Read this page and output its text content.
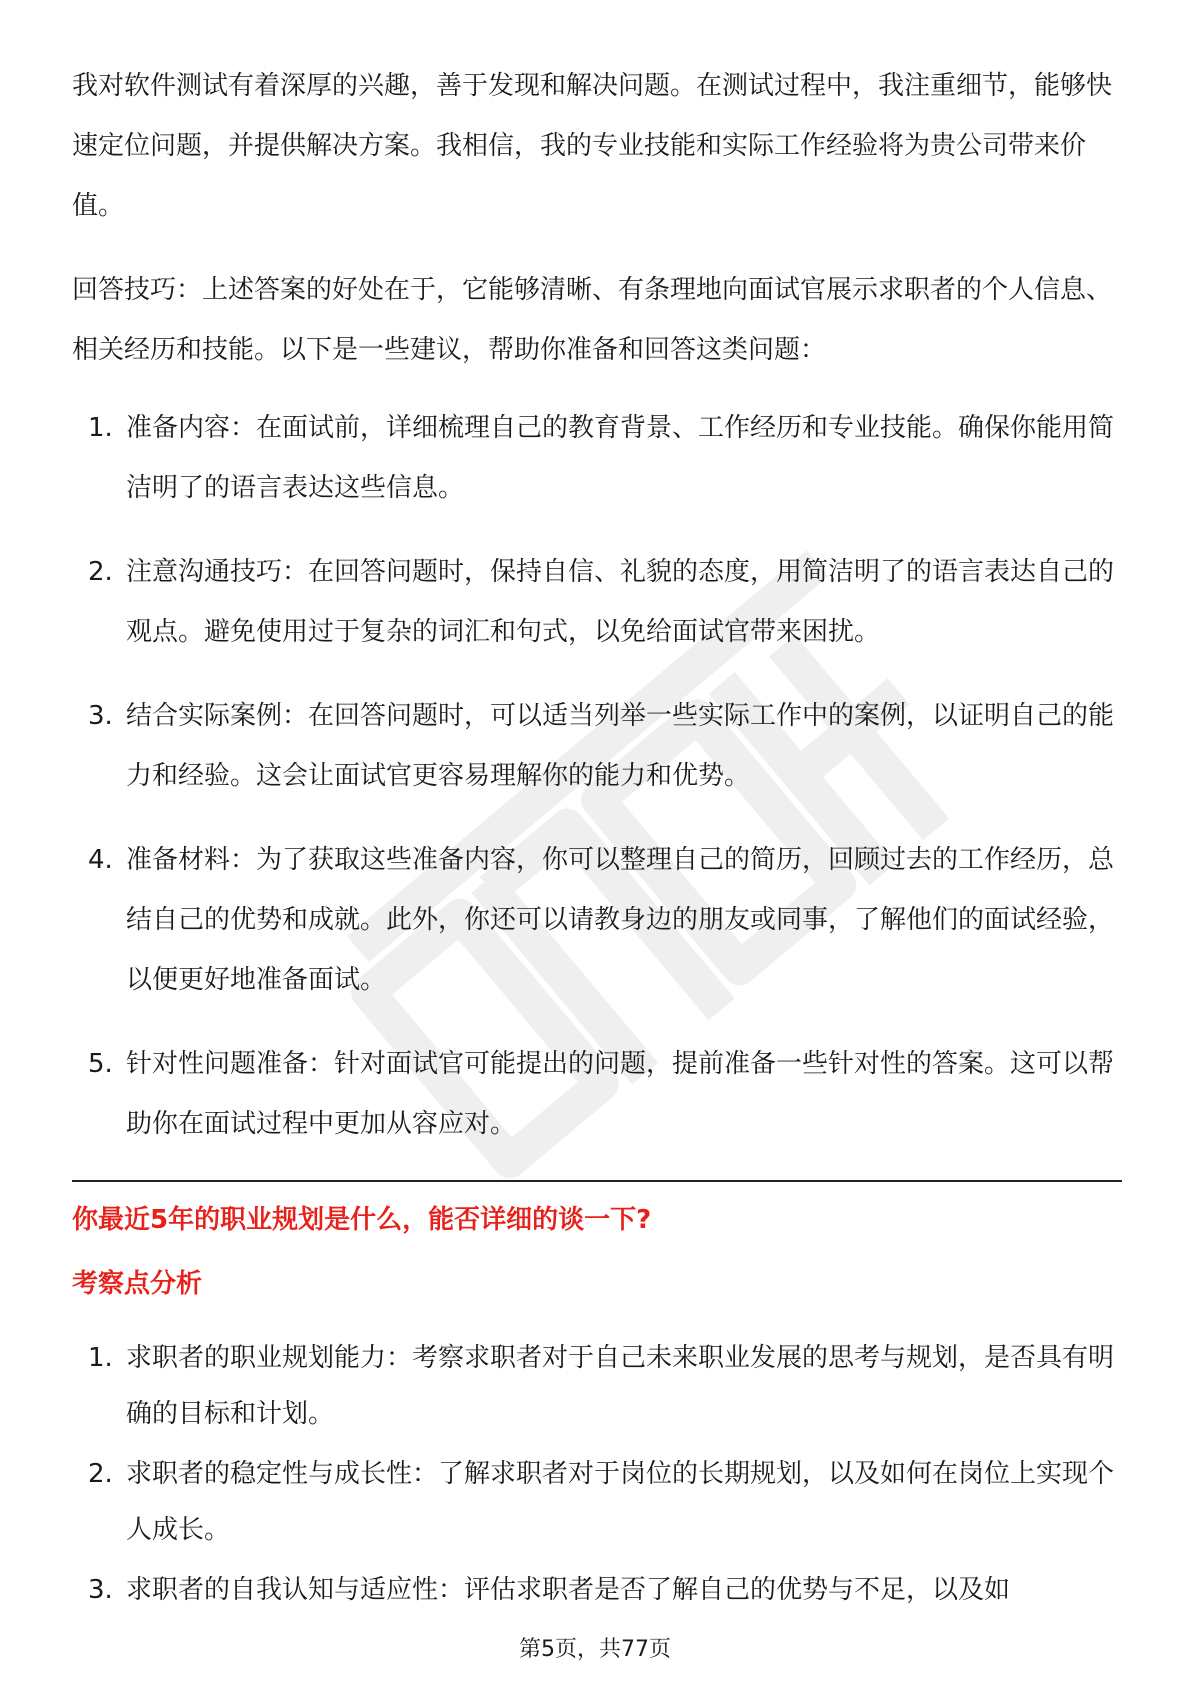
我对软件测试有着深厚的兴趣，善于发现和解决问题。在测试过程中，我注重细节，能够快速定位问题，并提供解决方案。我相信，我的专业技能和实际工作经验将为贵公司带来价值。

回答技巧：上述答案的好处在于，它能够清晰、有条理地向面试官展示求职者的个人信息、相关经历和技能。以下是一些建议，帮助你准备和回答这类问题：

1. 准备内容：在面试前，详细梳理自己的教育背景、工作经历和专业技能。确保你能用简洁明了的语言表达这些信息。
2. 注意沟通技巧：在回答问题时，保持自信、礼貌的态度，用简洁明了的语言表达自己的观点。避免使用过于复杂的词汇和句式，以免给面试官带来困扰。
3. 结合实际案例：在回答问题时，可以适当列举一些实际工作中的案例，以证明自己的能力和经验。这会让面试官更容易理解你的能力和优势。
4. 准备材料：为了获取这些准备内容，你可以整理自己的简历，回顾过去的工作经历，总结自己的优势和成就。此外，你还可以请教身边的朋友或同事，了解他们的面试经验，以便更好地准备面试。
5. 针对性问题准备：针对面试官可能提出的问题，提前准备一些针对性的答案。这可以帮助你在面试过程中更加从容应对。
你最近5年的职业规划是什么，能否详细的谈一下?
考察点分析
1. 求职者的职业规划能力：考察求职者对于自己未来职业发展的思考与规划，是否具有明确的目标和计划。
2. 求职者的稳定性与成长性：了解求职者对于岗位的长期规划，以及如何在岗位上实现个人成长。
3. 求职者的自我认知与适应性：评估求职者是否了解自己的优势与不足，以及如
第5页，共77页
